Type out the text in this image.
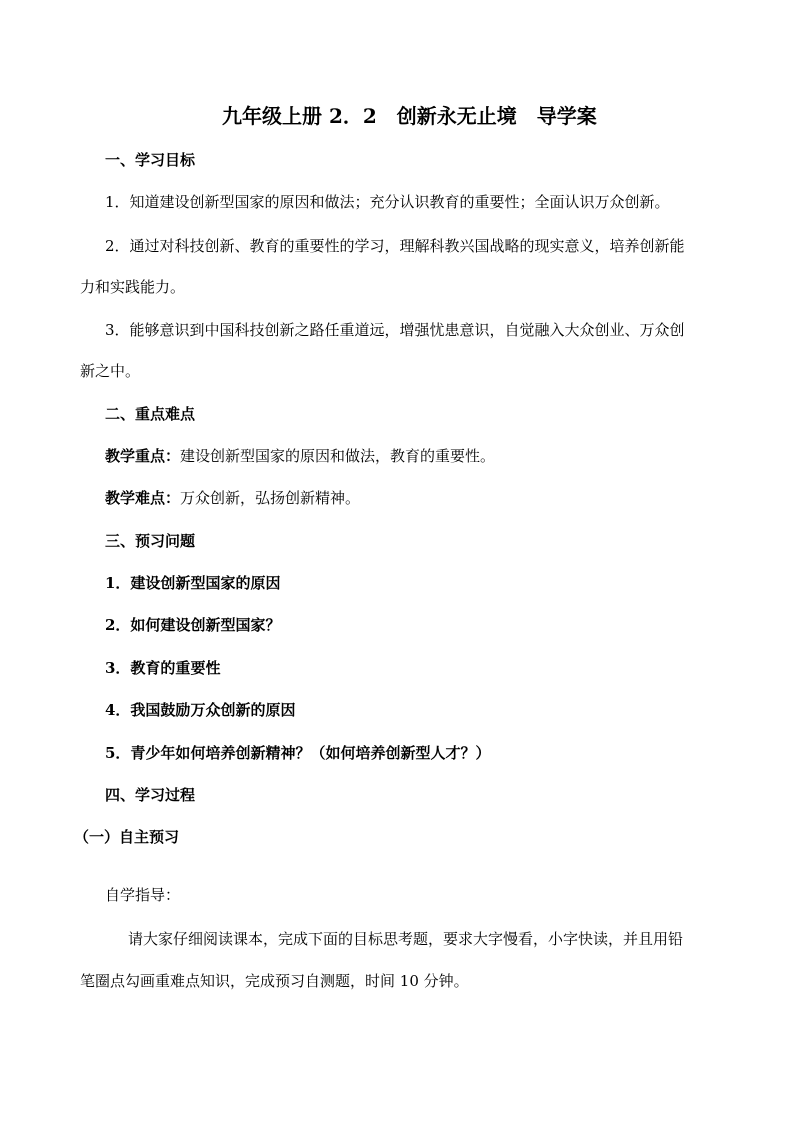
九年级上册 2．2　创新永无止境　导学案
一、学习目标
1．知道建设创新型国家的原因和做法；充分认识教育的重要性；全面认识万众创新。
2．通过对科技创新、教育的重要性的学习，理解科教兴国战略的现实意义，培养创新能
力和实践能力。
3．能够意识到中国科技创新之路任重道远，增强忧患意识，自觉融入大众创业、万众创
新之中。
二、重点难点
教学重点：建设创新型国家的原因和做法，教育的重要性。
教学难点：万众创新，弘扬创新精神。
三、预习问题
1．建设创新型国家的原因
2．如何建设创新型国家？
3．教育的重要性
4．我国鼓励万众创新的原因
5．青少年如何培养创新精神？（如何培养创新型人才？）
四、学习过程
（一）自主预习
自学指导：
请大家仔细阅读课本，完成下面的目标思考题，要求大字慢看，小字快读，并且用铅
笔圈点勾画重难点知识，完成预习自测题，时间 10 分钟。
